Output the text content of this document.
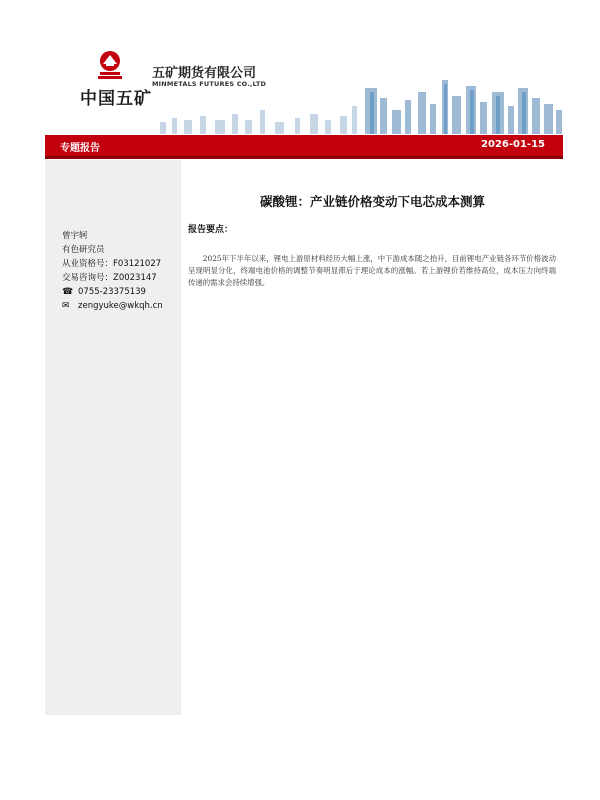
中国五矿
五矿期货有限公司
MINMETALS FUTURES CO.,LTD
专题报告	2026-01-15
曾宇轲
有色研究员
从业资格号：F03121027
交易咨询号：Z0023147
☎ 0755-23375139
✉ zengyuke@wkqh.cn
碳酸锂：产业链价格变动下电芯成本测算
报告要点：

2025年下半年以来，锂电上游原材料经历大幅上涨，中下游成本随之抬升，目前锂电产业链各环节价格波动呈现明显分化，终端电池价格的调整节奏明显滞后于理论成本的涨幅。若上游锂价若维持高位，成本压力向终端传递的需求会持续增强。
